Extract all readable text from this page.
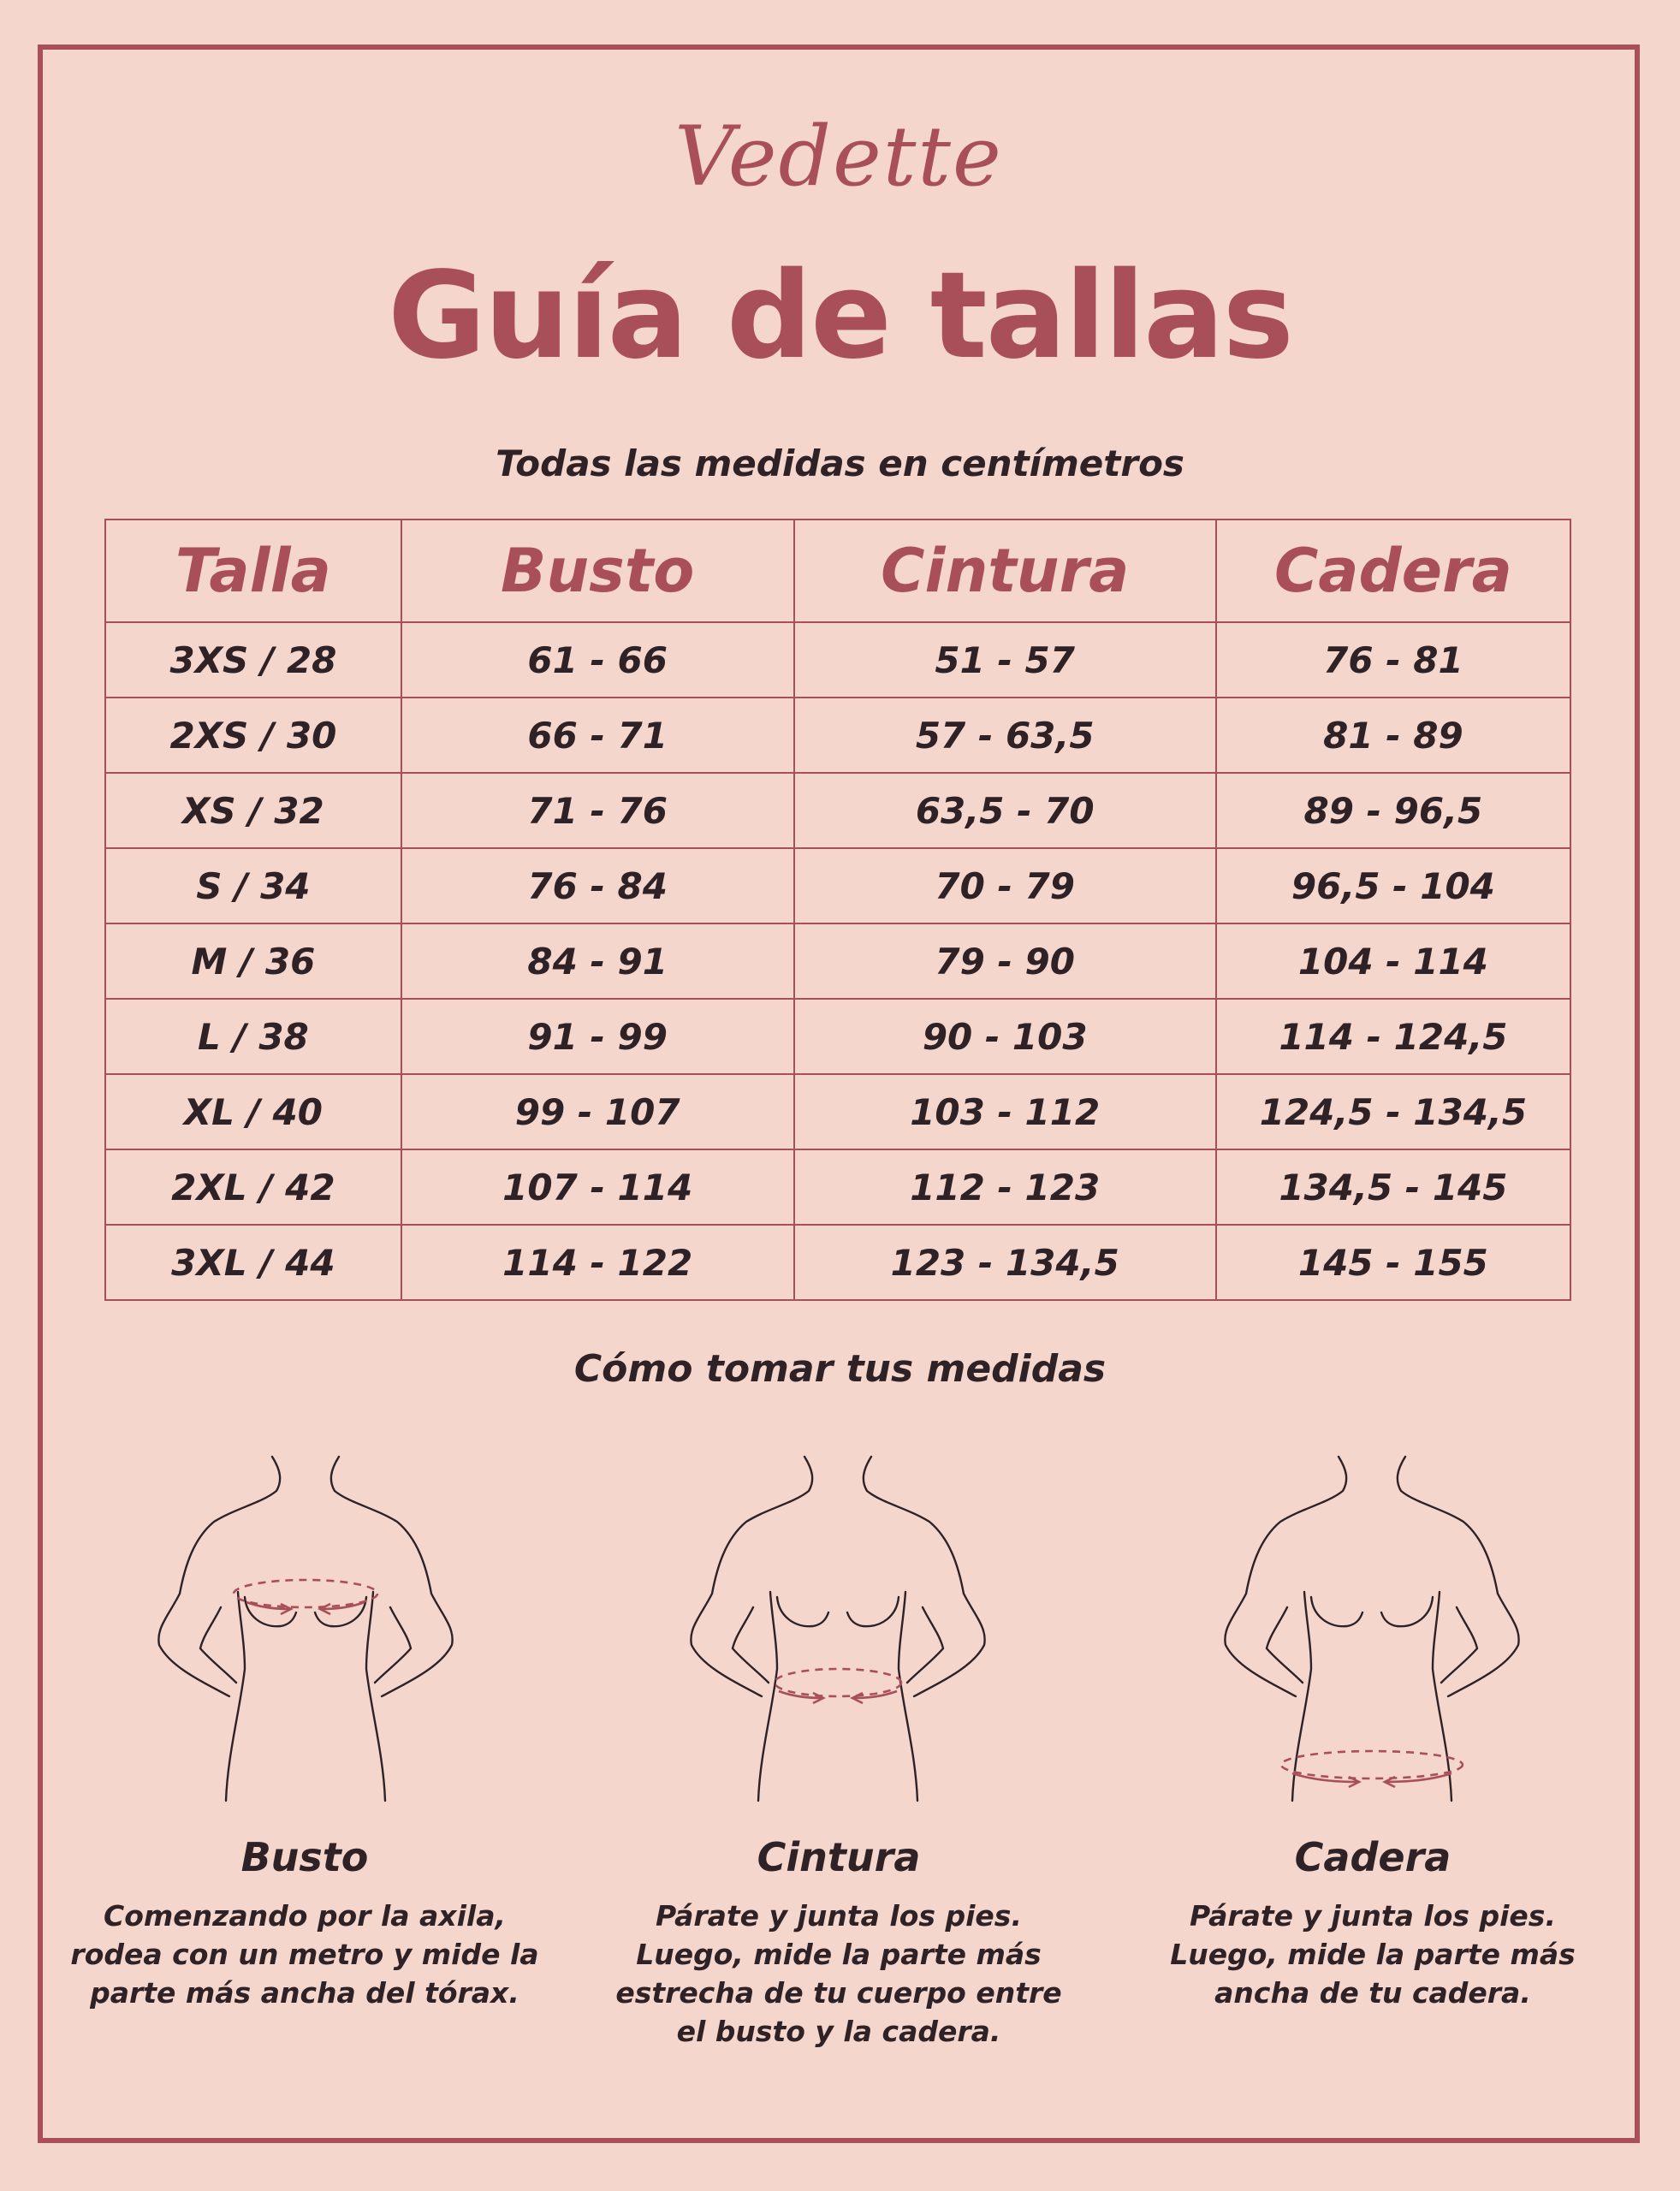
Vedette
Guía de tallas
Todas las medidas en centímetros
Talla	Busto	Cintura	Cadera
3XS / 28	61 - 66	51 - 57	76 - 81
2XS / 30	66 - 71	57 - 63,5	81 - 89
XS / 32	71 - 76	63,5 - 70	89 - 96,5
S / 34	76 - 84	70 - 79	96,5 - 104
M / 36	84 - 91	79 - 90	104 - 114
L / 38	91 - 99	90 - 103	114 - 124,5
XL / 40	99 - 107	103 - 112	124,5 - 134,5
2XL / 42	107 - 114	112 - 123	134,5 - 145
3XL / 44	114 - 122	123 - 134,5	145 - 155
Cómo tomar tus medidas
Busto

Comenzando por la axila,
rodea con un metro y mide la
parte más ancha del tórax.

Cintura

Párate y junta los pies.
Luego, mide la parte más
estrecha de tu cuerpo entre
el busto y la cadera.

Cadera

Párate y junta los pies.
Luego, mide la parte más
ancha de tu cadera.
